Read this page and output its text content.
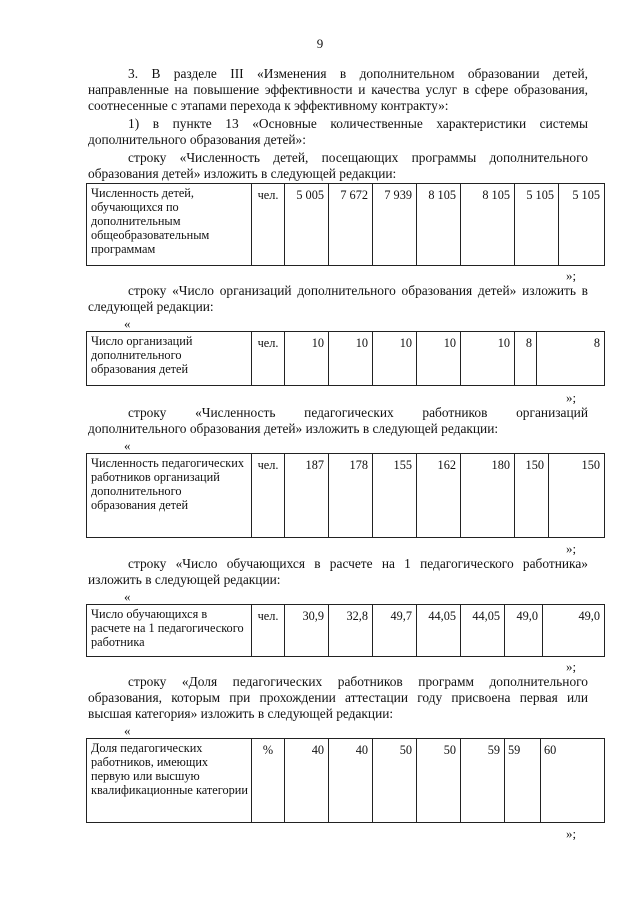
9
3. В разделе III «Изменения в дополнительном образовании детей, направленные на повышение эффективности и качества услуг в сфере образования, соотнесенные с этапами перехода к эффективному контракту»:
1) в пункте 13 «Основные количественные характеристики системы дополнительного образования детей»:
строку «Численность детей, посещающих программы дополнительного образования детей» изложить в следующей редакции:
Численность детей, обучающихся по дополнительным общеобразовательным программам	чел.	5 005	7 672	7 939	8 105	8 105	5 105	5 105
»;
строку «Число организаций дополнительного образования детей» изложить в следующей редакции:
«
Число организаций дополнительного образования детей	чел.	10	10	10	10	10	8	8
»;
строку «Численность педагогических работников организаций дополнительного образования детей» изложить в следующей редакции:
«
Численность педагогических работников организаций дополнительного образования детей	чел.	187	178	155	162	180	150	150
»;
строку «Число обучающихся в расчете на 1 педагогического работника» изложить в следующей редакции:
«
Число обучающихся в расчете на 1 педагогического работника	чел.	30,9	32,8	49,7	44,05	44,05	49,0	49,0
»;
строку «Доля педагогических работников программ дополнительного образования, которым при прохождении аттестации году присвоена первая или высшая категория» изложить в следующей редакции:
«
Доля педагогических работников, имеющих первую или высшую квалификационные категории	%	40	40	50	50	59	59	60
»;
